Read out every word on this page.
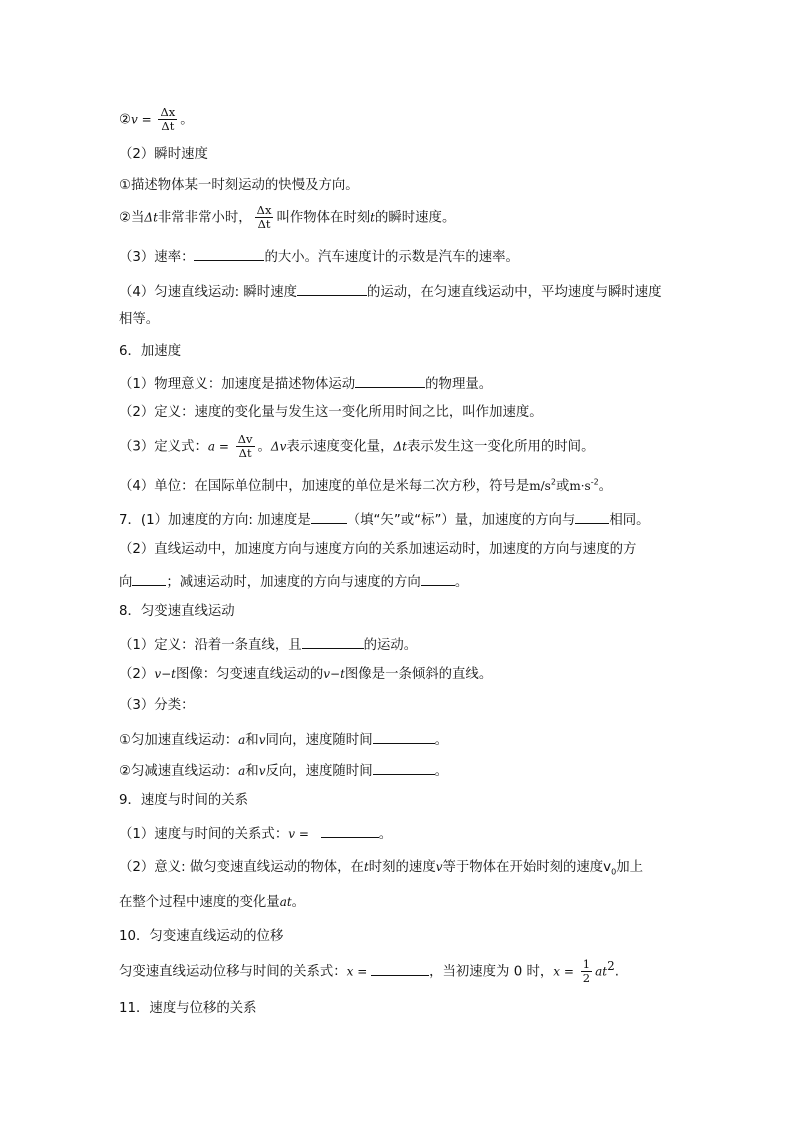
②v = $\frac{\Delta x}{\Delta t}$ 。
（2）瞬时速度
①描述物体某一时刻运动的快慢及方向。
②当Δt非常非常小时， $\frac{\Delta x}{\Delta t}$ 叫作物体在时刻t的瞬时速度。
（3）速率：	的大小。汽车速度计的示数是汽车的速率。
（4）匀速直线运动: 瞬时速度	的运动，在匀速直线运动中，平均速度与瞬时速度
相等。
6．加速度
（1）物理意义：加速度是描述物体运动	的物理量。
（2）定义：速度的变化量与发生这一变化所用时间之比，叫作加速度。
（3）定义式：$a = \frac{\Delta v}{\Delta t}$ 。Δv表示速度变化量，Δt表示发生这一变化所用的时间。
（4）单位：在国际单位制中，加速度的单位是米每二次方秒，符号是$m/s^2$或$m\cdot s^{-2}$。
7．(1）加速度的方向: 加速度是	（填“矢”或“标”）量，加速度的方向与	相同。
（2）直线运动中，加速度方向与速度方向的关系加速运动时，加速度的方向与速度的方
向	；减速运动时，加速度的方向与速度的方向	。
8．匀变速直线运动
（1）定义：沿着一条直线，且	的运动。
（2）v−t图像：匀变速直线运动的v−t图像是一条倾斜的直线。
（3）分类：
①匀加速直线运动：a和v同向，速度随时间	。
②匀减速直线运动：a和v反向，速度随时间	。
9．速度与时间的关系
（1）速度与时间的关系式：v =	。
（2）意义: 做匀变速直线运动的物体，在t时刻的速度v等于物体在开始时刻的速度$v_0$加上
在整个过程中速度的变化量at。
10．匀变速直线运动的位移
匀变速直线运动位移与时间的关系式：x =	，当初速度为 0 时，$x = \frac{1}{2} at^2$.
11．速度与位移的关系
